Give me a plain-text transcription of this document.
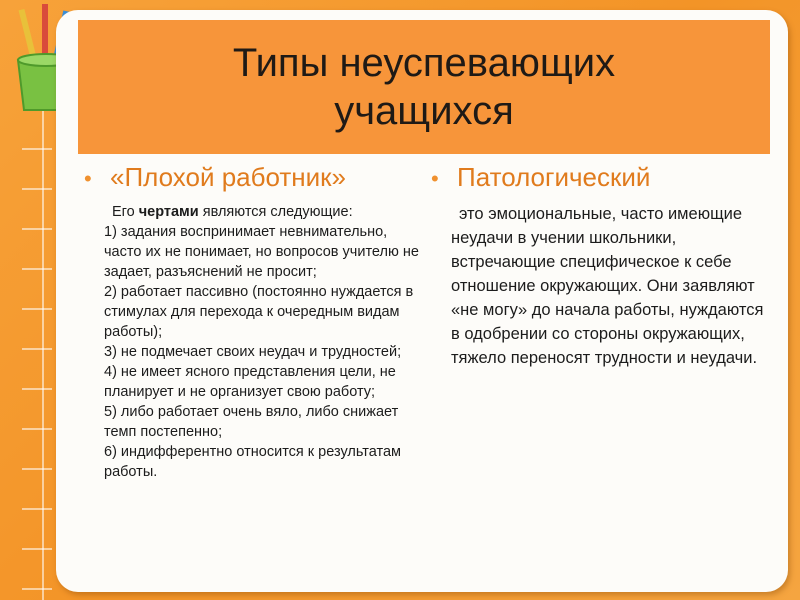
Типы неуспевающих учащихся
• «Плохой работник»
Его чертами являются следующие:
1) задания воспринимает невнимательно, часто их не понимает, но вопросов учителю не задает, разъяснений не просит;
2) работает пассивно (постоянно нуждается в стимулах для перехода к очередным видам работы);
3) не подмечает своих неудач и трудностей;
4) не имеет ясного представления цели, не планирует и не организует свою работу;
5) либо работает очень вяло, либо снижает темп постепенно;
6) индифферентно относится к результатам работы.
• Патологический
это эмоциональные, часто имеющие неудачи в учении школьники, встречающие специфическое к себе отношение окружающих. Они заявляют «не могу» до начала работы, нуждаются в одобрении со стороны окружающих, тяжело переносят трудности и неудачи.
